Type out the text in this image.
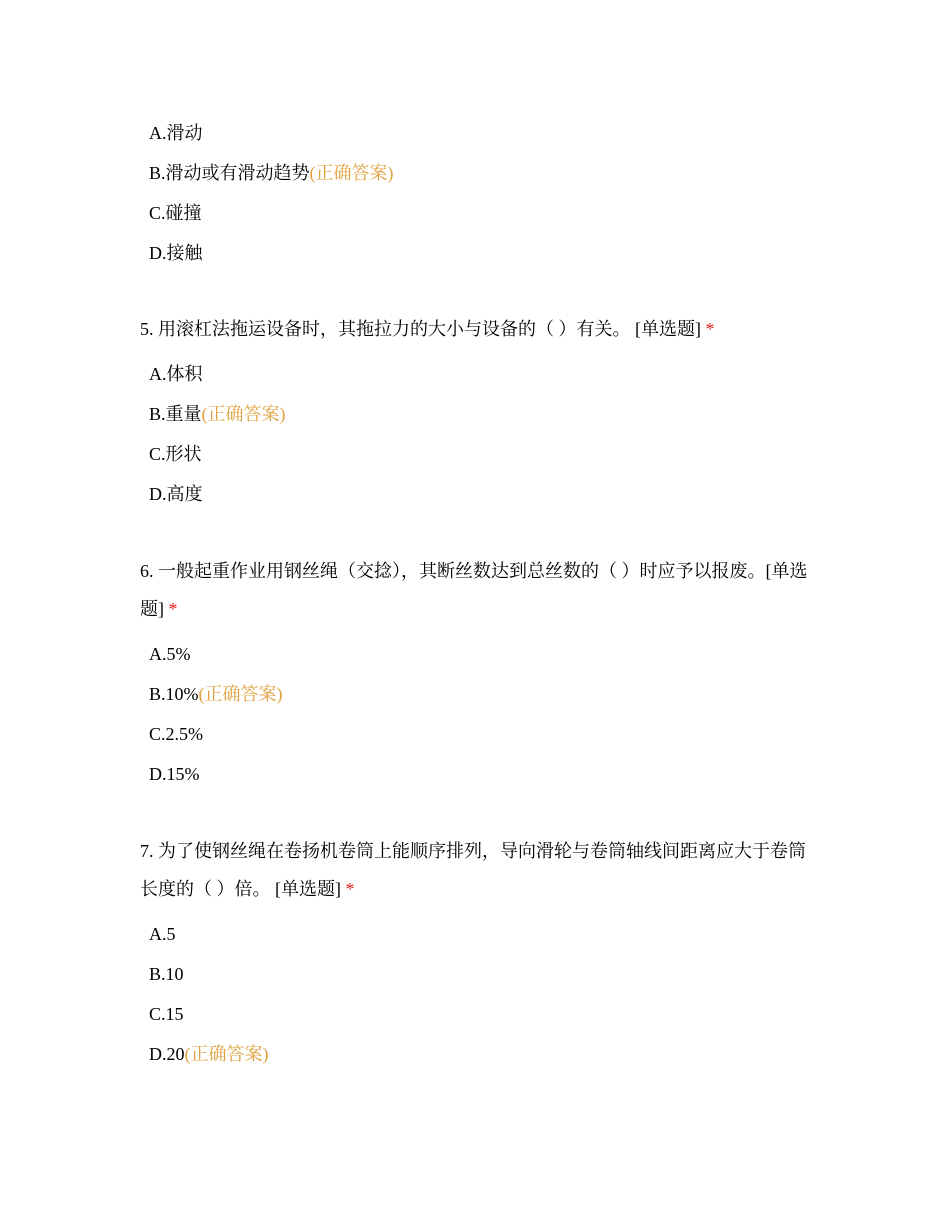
A.滑动
B.滑动或有滑动趋势(正确答案)
C.碰撞
D.接触
5. 用滚杠法拖运设备时，其拖拉力的大小与设备的（ ）有关。 [单选题] *
A.体积
B.重量(正确答案)
C.形状
D.高度
6. 一般起重作业用钢丝绳（交捻），其断丝数达到总丝数的（ ）时应予以报废。[单选题] *
A.5%
B.10%(正确答案)
C.2.5%
D.15%
7. 为了使钢丝绳在卷扬机卷筒上能顺序排列，导向滑轮与卷筒轴线间距离应大于卷筒长度的（ ）倍。 [单选题] *
A.5
B.10
C.15
D.20(正确答案)
